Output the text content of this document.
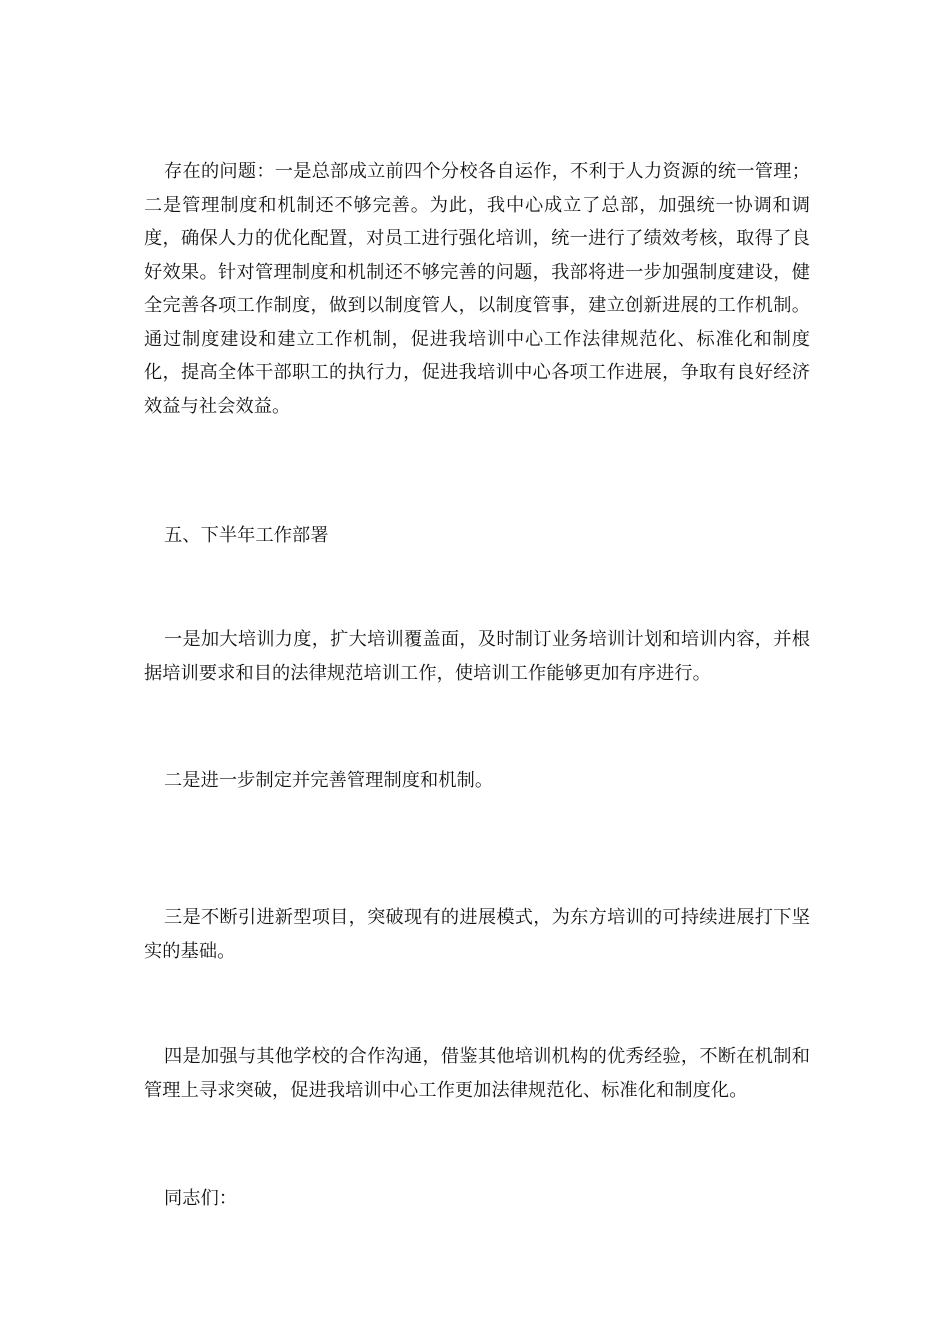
存在的问题：一是总部成立前四个分校各自运作，不利于人力资源的统一管理；二是管理制度和机制还不够完善。为此，我中心成立了总部，加强统一协调和调度，确保人力的优化配置，对员工进行强化培训，统一进行了绩效考核，取得了良好效果。针对管理制度和机制还不够完善的问题，我部将进一步加强制度建设，健全完善各项工作制度，做到以制度管人，以制度管事，建立创新进展的工作机制。通过制度建设和建立工作机制，促进我培训中心工作法律规范化、标准化和制度化，提高全体干部职工的执行力，促进我培训中心各项工作进展，争取有良好经济效益与社会效益。

五、下半年工作部署

一是加大培训力度，扩大培训覆盖面，及时制订业务培训计划和培训内容，并根据培训要求和目的法律规范培训工作，使培训工作能够更加有序进行。

二是进一步制定并完善管理制度和机制。

三是不断引进新型项目，突破现有的进展模式，为东方培训的可持续进展打下坚实的基础。

四是加强与其他学校的合作沟通，借鉴其他培训机构的优秀经验，不断在机制和管理上寻求突破，促进我培训中心工作更加法律规范化、标准化和制度化。

同志们：
